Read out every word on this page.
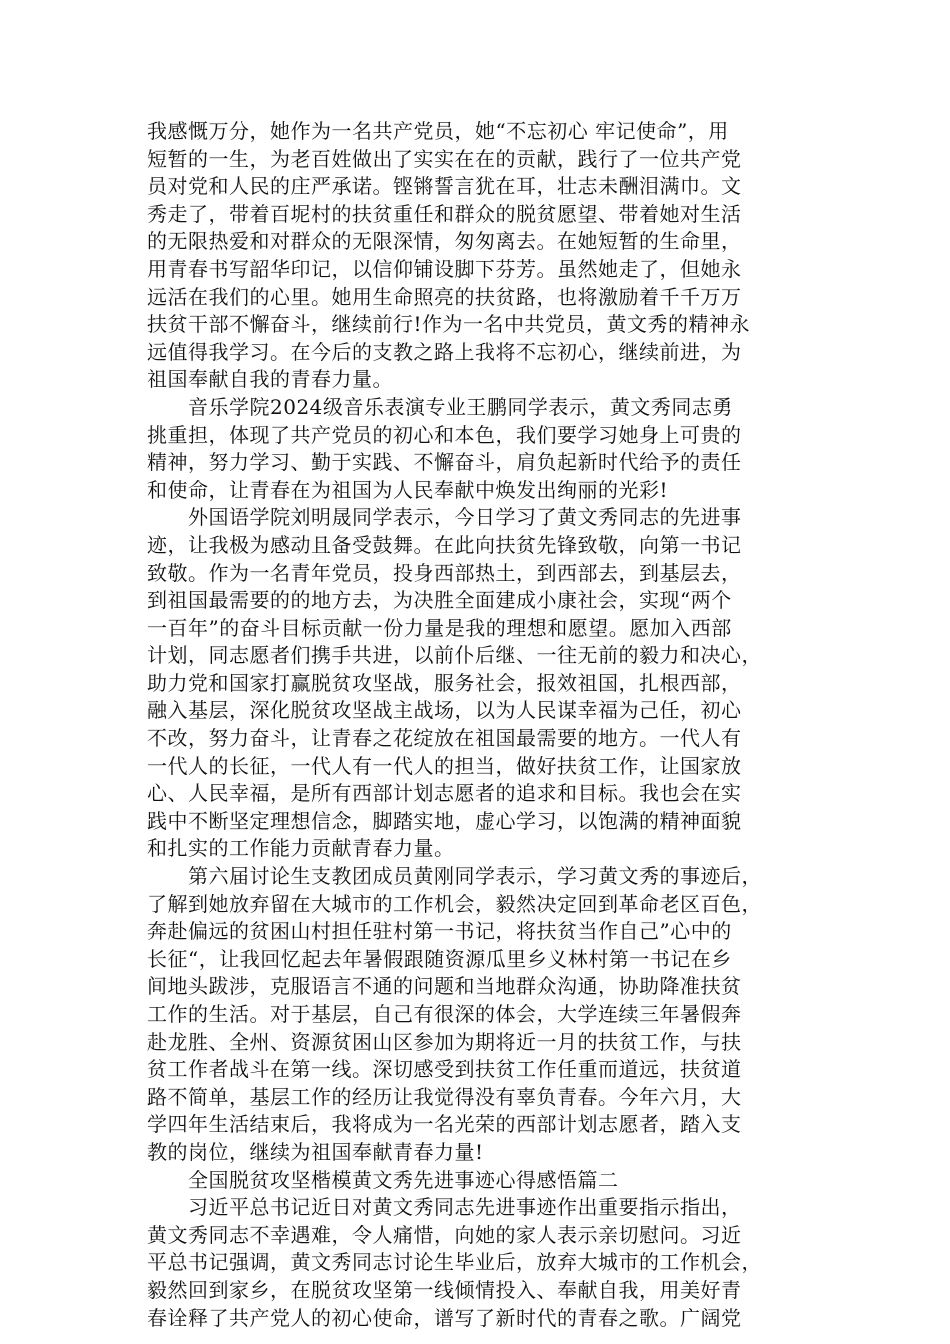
我感慨万分，她作为一名共产党员，她“不忘初心 牢记使命”，用
短暂的一生，为老百姓做出了实实在在的贡献，践行了一位共产党
员对党和人民的庄严承诺。铿锵誓言犹在耳，壮志未酬泪满巾。文
秀走了，带着百坭村的扶贫重任和群众的脱贫愿望、带着她对生活
的无限热爱和对群众的无限深情，匆匆离去。在她短暂的生命里，
用青春书写韶华印记，以信仰铺设脚下芬芳。虽然她走了，但她永
远活在我们的心里。她用生命照亮的扶贫路，也将激励着千千万万
扶贫干部不懈奋斗，继续前行!作为一名中共党员，黄文秀的精神永
远值得我学习。在今后的支教之路上我将不忘初心，继续前进，为
祖国奉献自我的青春力量。

　　音乐学院2024级音乐表演专业王鹏同学表示，黄文秀同志勇
挑重担，体现了共产党员的初心和本色，我们要学习她身上可贵的
精神，努力学习、勤于实践、不懈奋斗，肩负起新时代给予的责任
和使命，让青春在为祖国为人民奉献中焕发出绚丽的光彩!

　　外国语学院刘明晟同学表示，今日学习了黄文秀同志的先进事
迹，让我极为感动且备受鼓舞。在此向扶贫先锋致敬，向第一书记
致敬。作为一名青年党员，投身西部热土，到西部去，到基层去，
到祖国最需要的的地方去，为决胜全面建成小康社会，实现“两个
一百年”的奋斗目标贡献一份力量是我的理想和愿望。愿加入西部
计划，同志愿者们携手共进，以前仆后继、一往无前的毅力和决心，
助力党和国家打赢脱贫攻坚战，服务社会，报效祖国，扎根西部，
融入基层，深化脱贫攻坚战主战场，以为人民谋幸福为己任，初心
不改，努力奋斗，让青春之花绽放在祖国最需要的地方。一代人有
一代人的长征，一代人有一代人的担当，做好扶贫工作，让国家放
心、人民幸福，是所有西部计划志愿者的追求和目标。我也会在实
践中不断坚定理想信念，脚踏实地，虚心学习，以饱满的精神面貌
和扎实的工作能力贡献青春力量。

　　第六届讨论生支教团成员黄刚同学表示，学习黄文秀的事迹后，
了解到她放弃留在大城市的工作机会，毅然决定回到革命老区百色，
奔赴偏远的贫困山村担任驻村第一书记，将扶贫当作自己”心中的
长征“，让我回忆起去年暑假跟随资源瓜里乡义林村第一书记在乡
间地头跋涉，克服语言不通的问题和当地群众沟通，协助降准扶贫
工作的生活。对于基层，自己有很深的体会，大学连续三年暑假奔
赴龙胜、全州、资源贫困山区参加为期将近一月的扶贫工作，与扶
贫工作者战斗在第一线。深切感受到扶贫工作任重而道远，扶贫道
路不简单，基层工作的经历让我觉得没有辜负青春。今年六月，大
学四年生活结束后，我将成为一名光荣的西部计划志愿者，踏入支
教的岗位，继续为祖国奉献青春力量!

　　全国脱贫攻坚楷模黄文秀先进事迹心得感悟篇二

　　习近平总书记近日对黄文秀同志先进事迹作出重要指示指出，
黄文秀同志不幸遇难，令人痛惜，向她的家人表示亲切慰问。习近
平总书记强调，黄文秀同志讨论生毕业后，放弃大城市的工作机会，
毅然回到家乡，在脱贫攻坚第一线倾情投入、奉献自我，用美好青
春诠释了共产党人的初心使命，谱写了新时代的青春之歌。广阔党
